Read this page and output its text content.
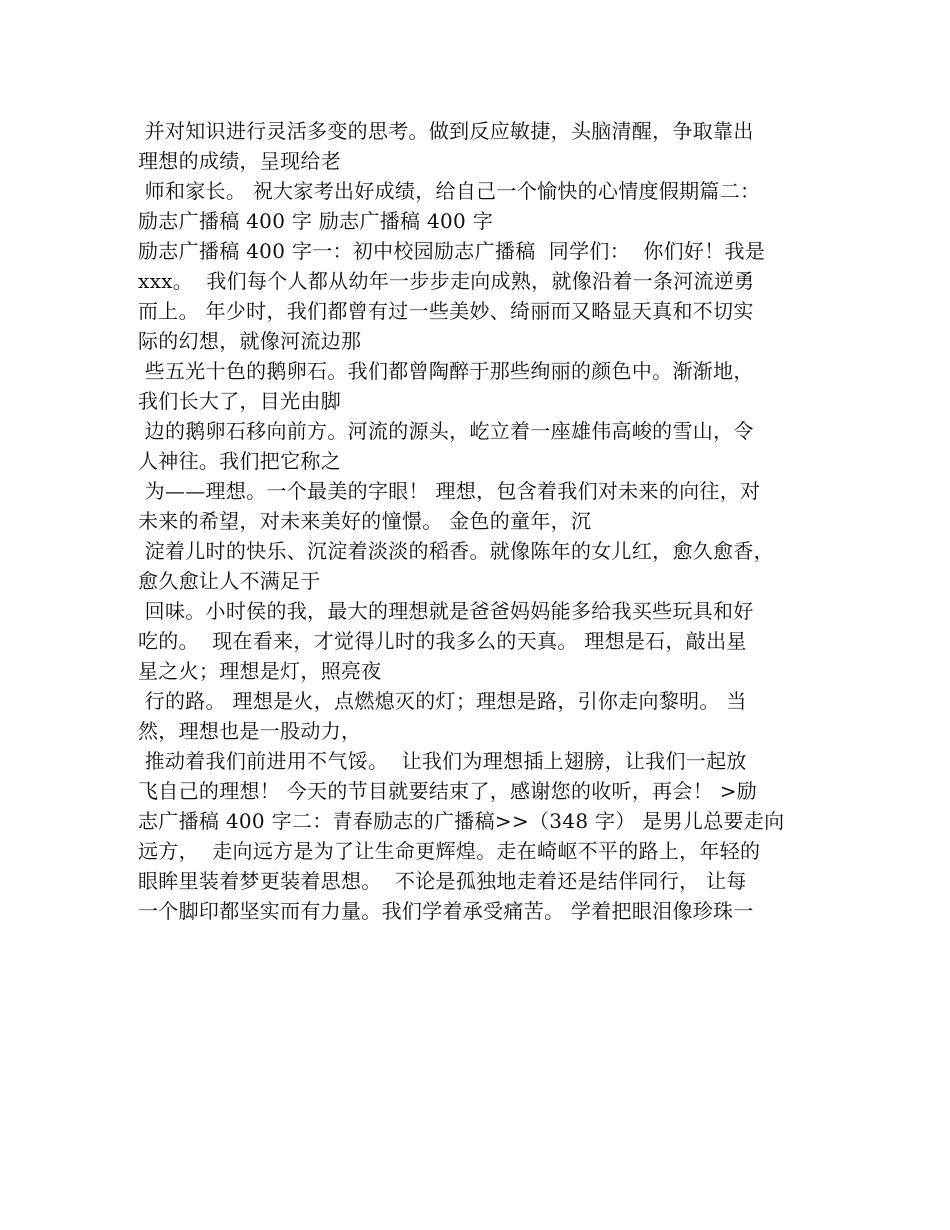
并对知识进行灵活多变的思考。做到反应敏捷，头脑清醒，争取靠出
理想的成绩，呈现给老
师和家长。 祝大家考出好成绩，给自己一个愉快的心情度假期篇二：
励志广播稿 400 字 励志广播稿 400 字
励志广播稿 400 字一：初中校园励志广播稿  同学们：  你们好！我是
xxx。  我们每个人都从幼年一步步走向成熟，就像沿着一条河流逆勇
而上。 年少时，我们都曾有过一些美妙、绮丽而又略显天真和不切实
际的幻想，就像河流边那
些五光十色的鹅卵石。我们都曾陶醉于那些绚丽的颜色中。渐渐地，
我们长大了，目光由脚
边的鹅卵石移向前方。河流的源头，屹立着一座雄伟高峻的雪山，令
人神往。我们把它称之
为——理想。一个最美的字眼！ 理想，包含着我们对未来的向往，对
未来的希望，对未来美好的憧憬。 金色的童年，沉
淀着儿时的快乐、沉淀着淡淡的稻香。就像陈年的女儿红，愈久愈香，
愈久愈让人不满足于
回味。小时侯的我，最大的理想就是爸爸妈妈能多给我买些玩具和好
吃的。  现在看来，才觉得儿时的我多么的天真。 理想是石，敲出星
星之火；理想是灯，照亮夜
行的路。 理想是火，点燃熄灭的灯；理想是路，引你走向黎明。 当
然，理想也是一股动力，
推动着我们前进用不气馁。  让我们为理想插上翅膀，让我们一起放
飞自己的理想！ 今天的节目就要结束了，感谢您的收听，再会！ >励
志广播稿 400 字二：青春励志的广播稿>>（348 字） 是男儿总要走向
远方，  走向远方是为了让生命更辉煌。走在崎岖不平的路上，年轻的
眼眸里装着梦更装着思想。  不论是孤独地走着还是结伴同行， 让每
一个脚印都坚实而有力量。我们学着承受痛苦。 学着把眼泪像珍珠一
